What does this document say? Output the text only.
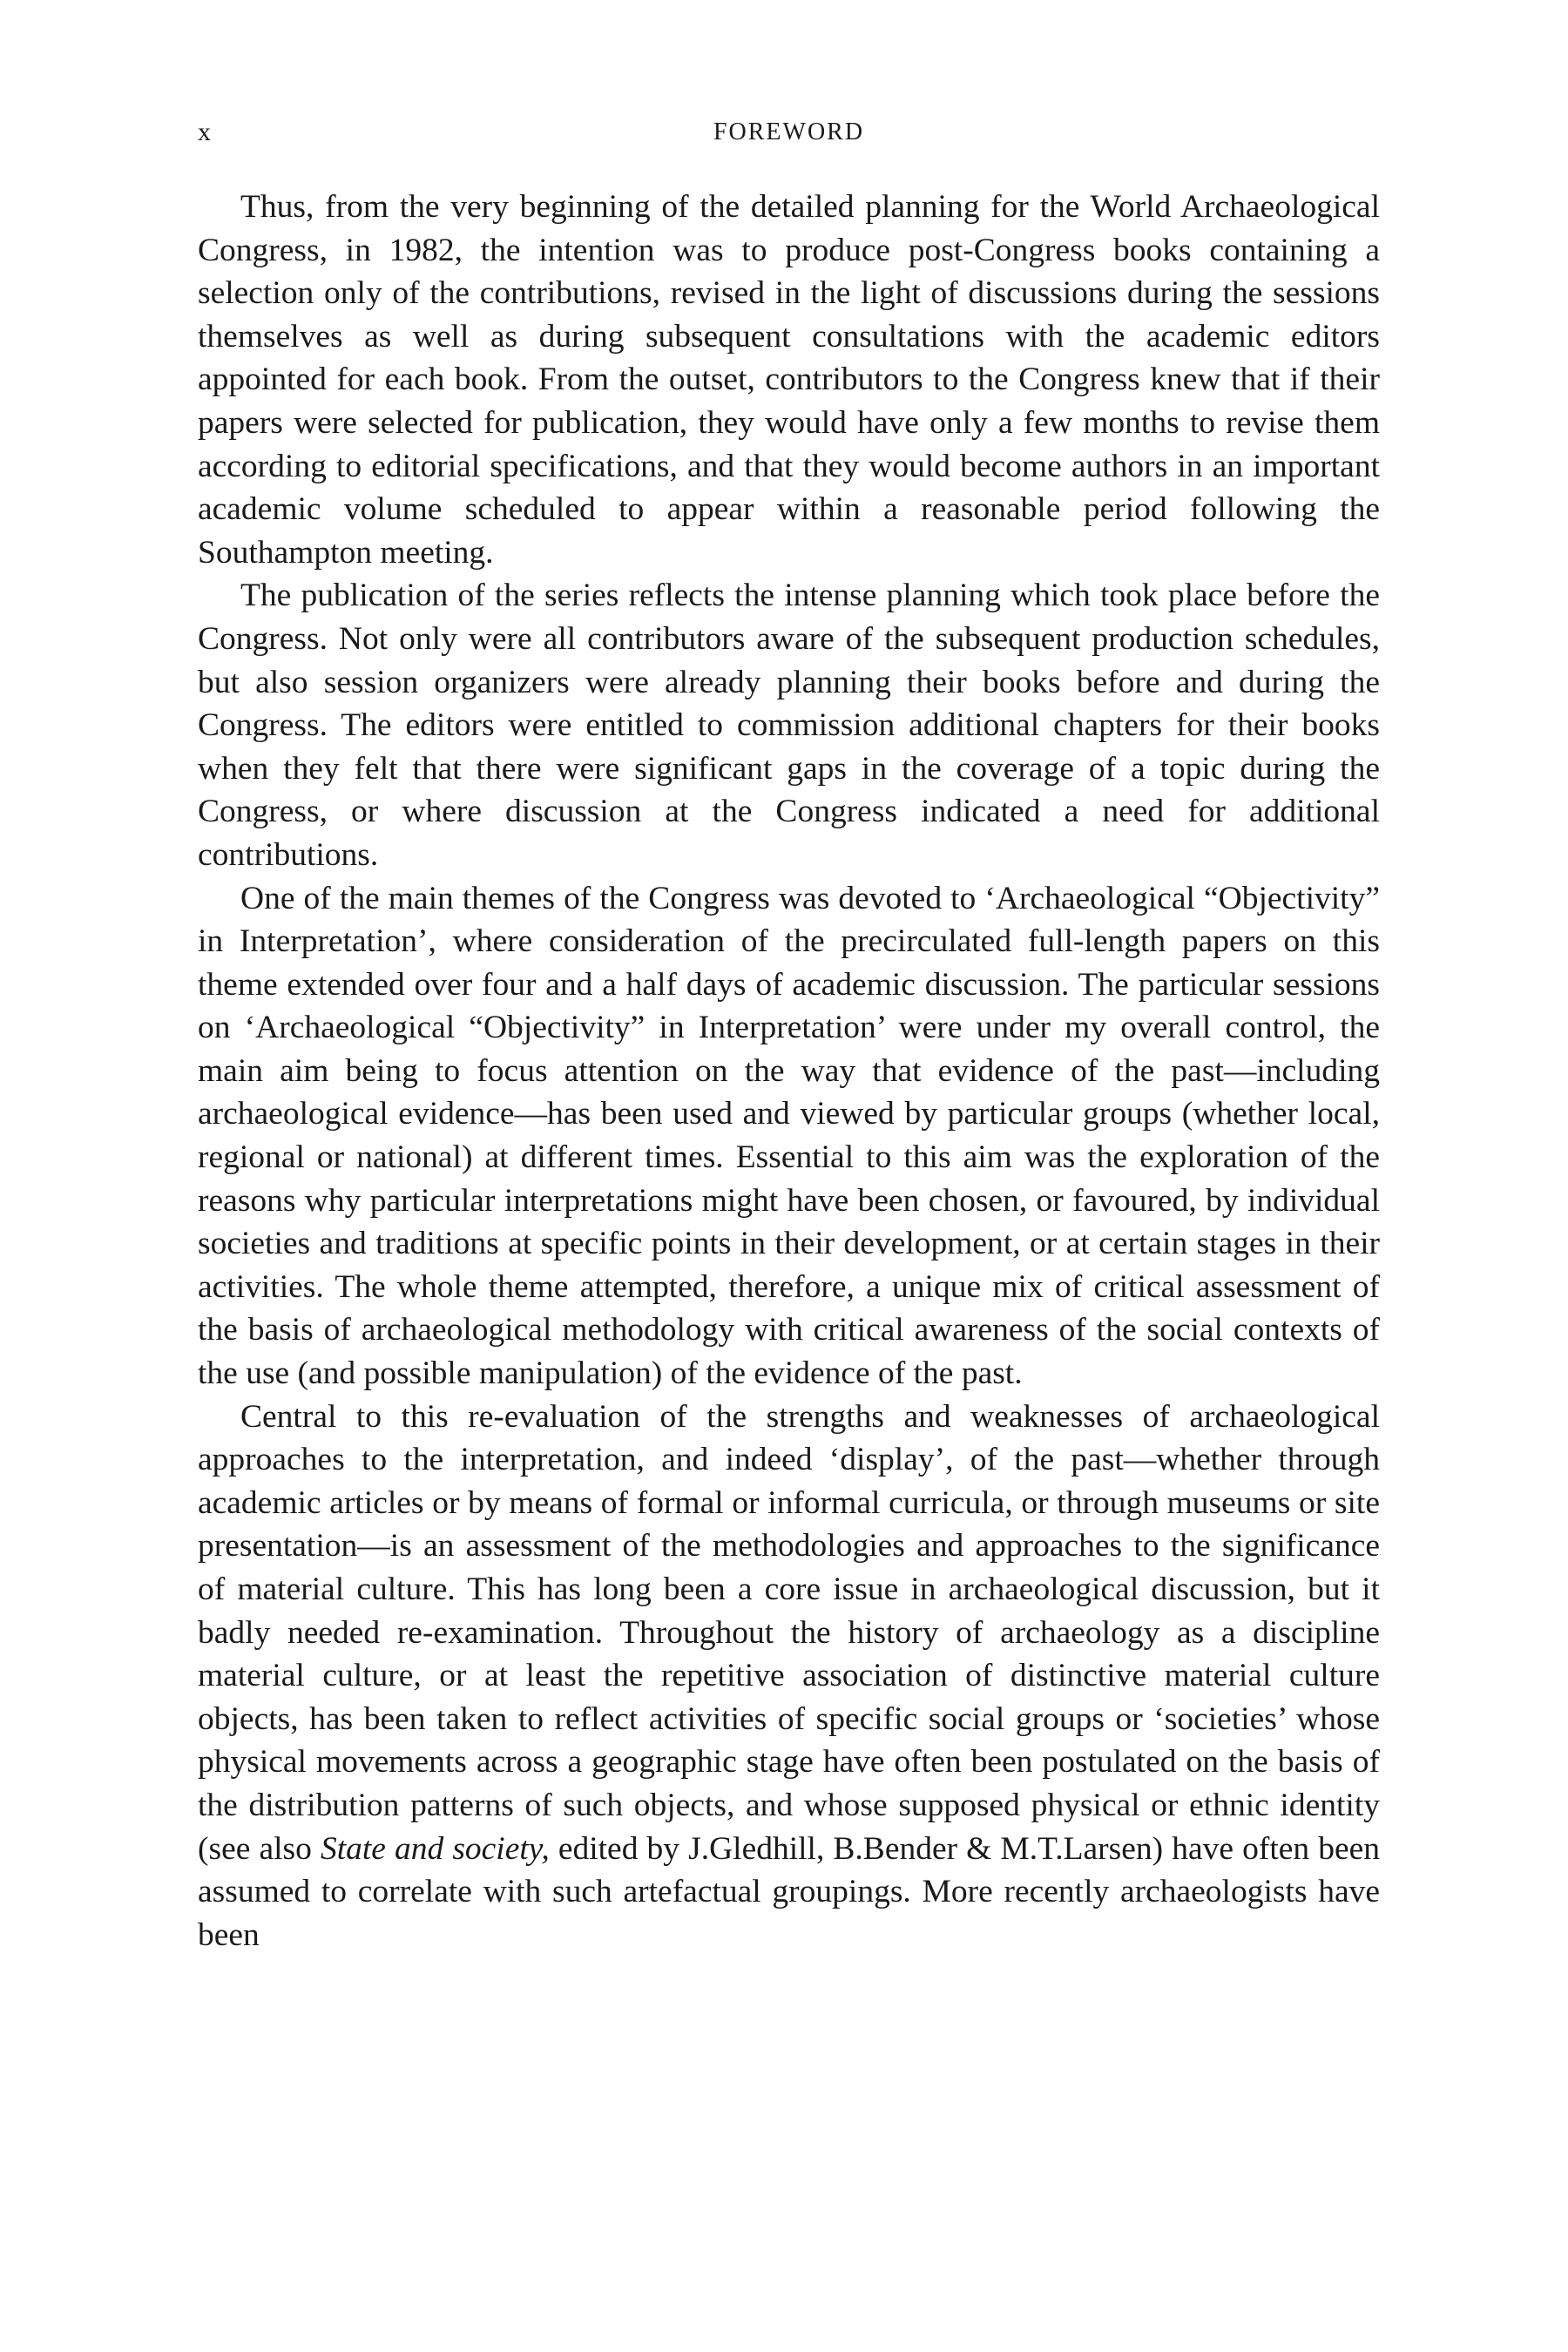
x	FOREWORD

Thus, from the very beginning of the detailed planning for the World Archaeological Congress, in 1982, the intention was to produce post-Congress books containing a selection only of the contributions, revised in the light of discussions during the sessions themselves as well as during subsequent consultations with the academic editors appointed for each book. From the outset, contributors to the Congress knew that if their papers were selected for publication, they would have only a few months to revise them according to editorial specifications, and that they would become authors in an important academic volume scheduled to appear within a reasonable period following the Southampton meeting.

The publication of the series reflects the intense planning which took place before the Congress. Not only were all contributors aware of the subsequent production schedules, but also session organizers were already planning their books before and during the Congress. The editors were entitled to commission additional chapters for their books when they felt that there were significant gaps in the coverage of a topic during the Congress, or where discussion at the Congress indicated a need for additional contributions.

One of the main themes of the Congress was devoted to ‘Archaeological “Objectivity” in Interpretation’, where consideration of the precirculated full-length papers on this theme extended over four and a half days of academic discussion. The particular sessions on ‘Archaeological “Objectivity” in Interpretation’ were under my overall control, the main aim being to focus attention on the way that evidence of the past—including archaeological evidence—has been used and viewed by particular groups (whether local, regional or national) at different times. Essential to this aim was the exploration of the reasons why particular interpretations might have been chosen, or favoured, by individual societies and traditions at specific points in their development, or at certain stages in their activities. The whole theme attempted, therefore, a unique mix of critical assessment of the basis of archaeological methodology with critical awareness of the social contexts of the use (and possible manipulation) of the evidence of the past.

Central to this re-evaluation of the strengths and weaknesses of archaeological approaches to the interpretation, and indeed ‘display’, of the past—whether through academic articles or by means of formal or informal curricula, or through museums or site presentation—is an assessment of the methodologies and approaches to the significance of material culture. This has long been a core issue in archaeological discussion, but it badly needed re-examination. Throughout the history of archaeology as a discipline material culture, or at least the repetitive association of distinctive material culture objects, has been taken to reflect activities of specific social groups or ‘societies’ whose physical movements across a geographic stage have often been postulated on the basis of the distribution patterns of such objects, and whose supposed physical or ethnic identity (see also State and society, edited by J.Gledhill, B.Bender & M.T.Larsen) have often been assumed to correlate with such artefactual groupings. More recently archaeologists have been
